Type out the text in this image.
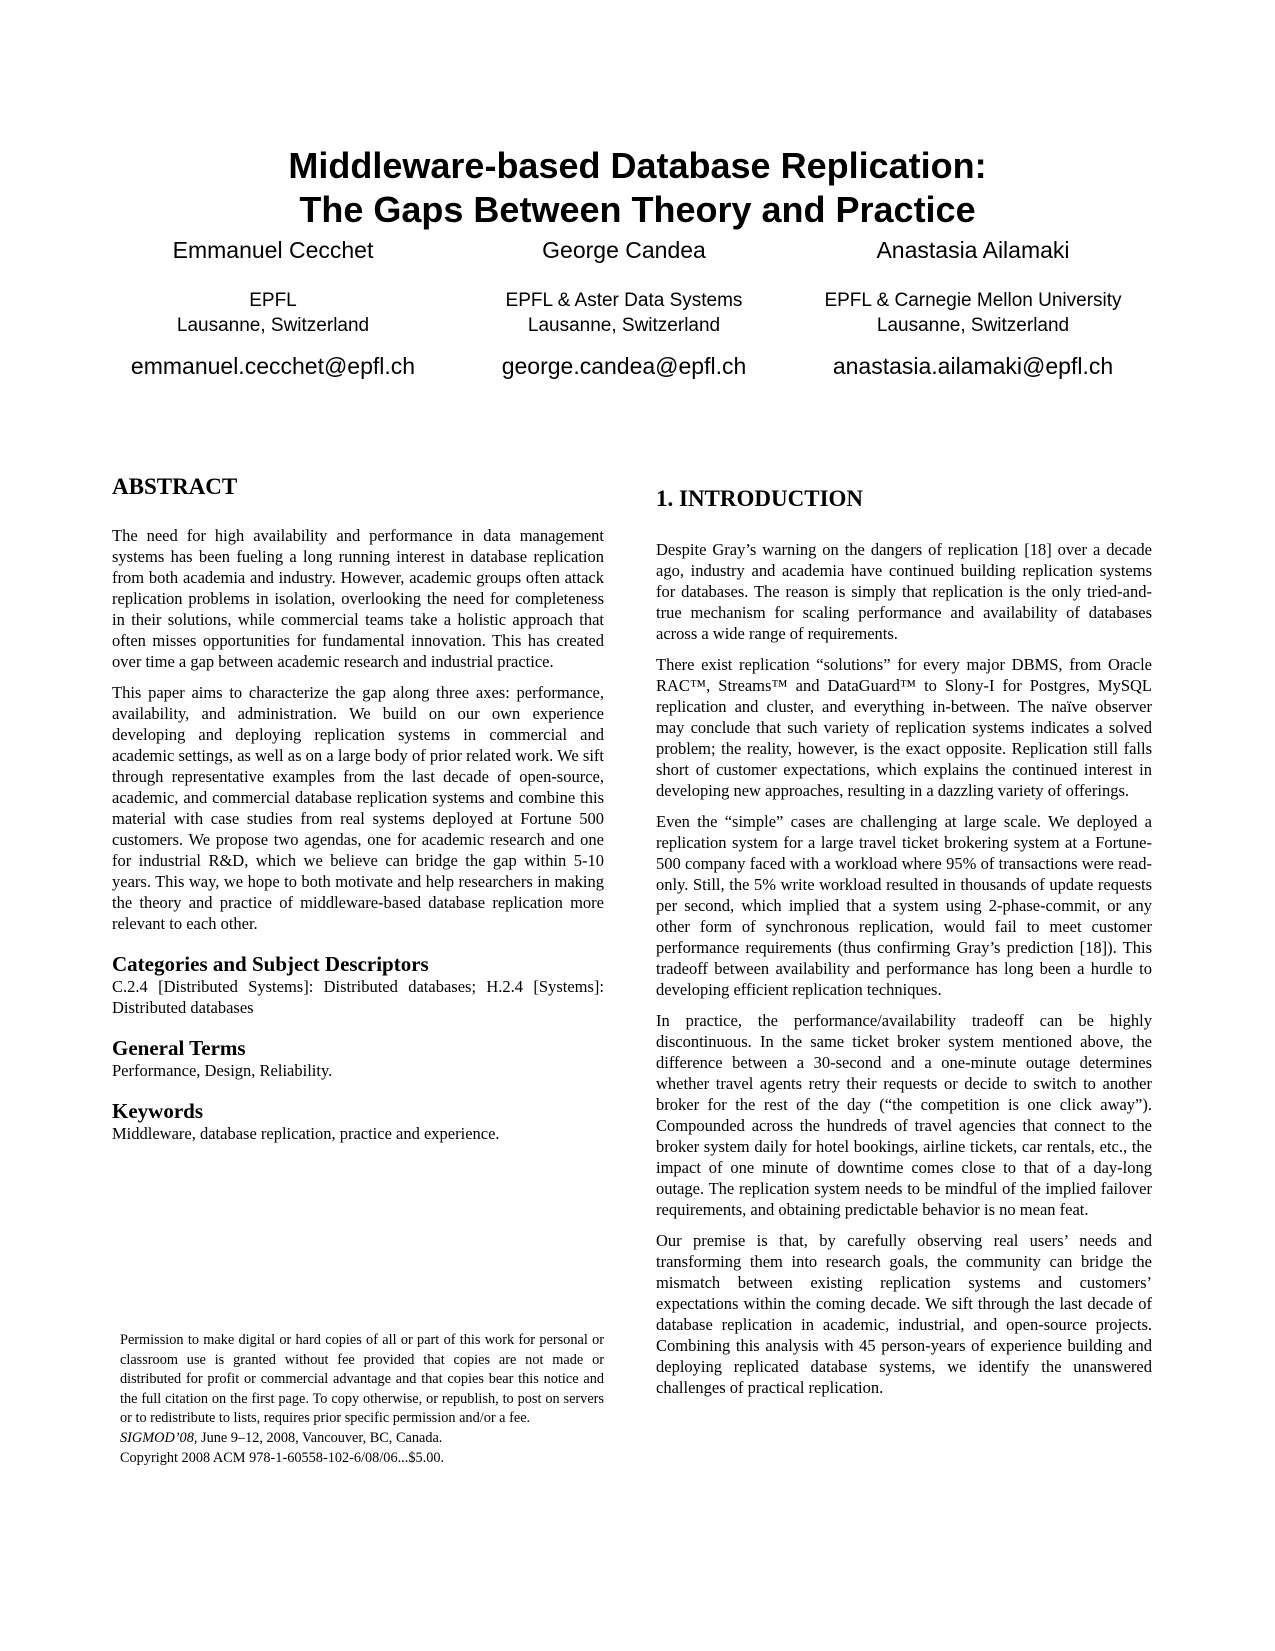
Middleware-based Database Replication:
The Gaps Between Theory and Practice
Emmanuel Cecchet
EPFL
Lausanne, Switzerland
emmanuel.cecchet@epfl.ch
George Candea
EPFL & Aster Data Systems
Lausanne, Switzerland
george.candea@epfl.ch
Anastasia Ailamaki
EPFL & Carnegie Mellon University
Lausanne, Switzerland
anastasia.ailamaki@epfl.ch
ABSTRACT

The need for high availability and performance in data management systems has been fueling a long running interest in database replication from both academia and industry. However, academic groups often attack replication problems in isolation, overlooking the need for completeness in their solutions, while commercial teams take a holistic approach that often misses opportunities for fundamental innovation. This has created over time a gap between academic research and industrial practice.

This paper aims to characterize the gap along three axes: performance, availability, and administration. We build on our own experience developing and deploying replication systems in commercial and academic settings, as well as on a large body of prior related work. We sift through representative examples from the last decade of open-source, academic, and commercial database replication systems and combine this material with case studies from real systems deployed at Fortune 500 customers. We propose two agendas, one for academic research and one for industrial R&D, which we believe can bridge the gap within 5-10 years. This way, we hope to both motivate and help researchers in making the theory and practice of middleware-based database replication more relevant to each other.

Categories and Subject Descriptors

C.2.4 [Distributed Systems]: Distributed databases; H.2.4 [Systems]: Distributed databases

General Terms

Performance, Design, Reliability.

Keywords

Middleware, database replication, practice and experience.

Permission to make digital or hard copies of all or part of this work for personal or classroom use is granted without fee provided that copies are not made or distributed for profit or commercial advantage and that copies bear this notice and the full citation on the first page. To copy otherwise, or republish, to post on servers or to redistribute to lists, requires prior specific permission and/or a fee.

SIGMOD’08, June 9–12, 2008, Vancouver, BC, Canada.

Copyright 2008 ACM 978-1-60558-102-6/08/06...$5.00.

1. INTRODUCTION

Despite Gray’s warning on the dangers of replication [18] over a decade ago, industry and academia have continued building replication systems for databases. The reason is simply that replication is the only tried-and-true mechanism for scaling performance and availability of databases across a wide range of requirements.

There exist replication “solutions” for every major DBMS, from Oracle RAC™, Streams™ and DataGuard™ to Slony-I for Postgres, MySQL replication and cluster, and everything in-between. The naïve observer may conclude that such variety of replication systems indicates a solved problem; the reality, however, is the exact opposite. Replication still falls short of customer expectations, which explains the continued interest in developing new approaches, resulting in a dazzling variety of offerings.

Even the “simple” cases are challenging at large scale. We deployed a replication system for a large travel ticket brokering system at a Fortune-500 company faced with a workload where 95% of transactions were read-only. Still, the 5% write workload resulted in thousands of update requests per second, which implied that a system using 2-phase-commit, or any other form of synchronous replication, would fail to meet customer performance requirements (thus confirming Gray’s prediction [18]). This tradeoff between availability and performance has long been a hurdle to developing efficient replication techniques.

In practice, the performance/availability tradeoff can be highly discontinuous. In the same ticket broker system mentioned above, the difference between a 30-second and a one-minute outage determines whether travel agents retry their requests or decide to switch to another broker for the rest of the day (“the competition is one click away”). Compounded across the hundreds of travel agencies that connect to the broker system daily for hotel bookings, airline tickets, car rentals, etc., the impact of one minute of downtime comes close to that of a day-long outage. The replication system needs to be mindful of the implied failover requirements, and obtaining predictable behavior is no mean feat.

Our premise is that, by carefully observing real users’ needs and transforming them into research goals, the community can bridge the mismatch between existing replication systems and customers’ expectations within the coming decade. We sift through the last decade of database replication in academic, industrial, and open-source projects. Combining this analysis with 45 person-years of experience building and deploying replicated database systems, we identify the unanswered challenges of practical replication.
